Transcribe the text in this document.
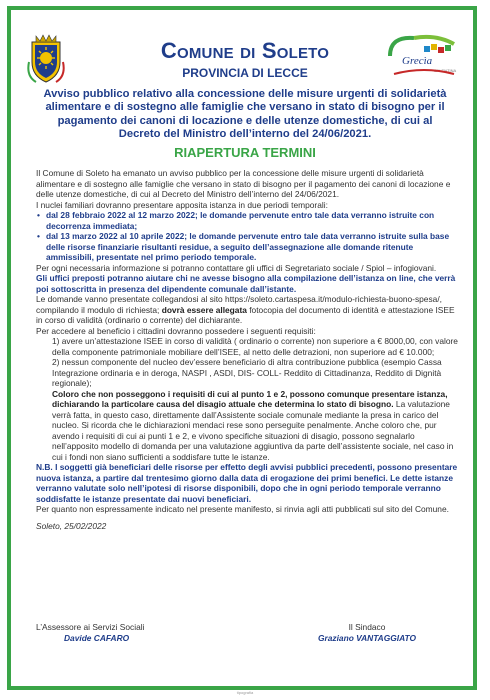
Comune di Soleto
PROVINCIA DI LECCE
Grecìa
SALENTINA
Avviso pubblico relativo alla concessione delle misure urgenti di solidarietà alimentare e di sostegno alle famiglie che versano in stato di bisogno per il pagamento dei canoni di locazione e delle utenze domestiche, di cui al Decreto del Ministro dell’interno del 24/06/2021.
RIAPERTURA TERMINI

Il Comune di Soleto ha emanato un avviso pubblico per la concessione delle misure urgenti di solidarietà alimentare e di sostegno alle famiglie che versano in stato di bisogno per il pagamento dei canoni di locazione e delle utenze domestiche, di cui al Decreto del Ministro dell’interno del 24/06/2021.

I nuclei familiari dovranno presentare apposita istanza in due periodi temporali:

• dal 28 febbraio 2022 al 12 marzo 2022; le domande pervenute entro tale data verranno istruite con decorrenza immediata;
• dal 13 marzo 2022 al 10 aprile 2022; le domande pervenute entro tale data verranno istruite sulla base delle risorse finanziarie risultanti residue, a seguito dell’assegnazione alle domande ritenute ammissibili, presentate nel primo periodo temporale.

Per ogni necessaria informazione si potranno contattare gli uffici di Segretariato sociale / Spiol – infogiovani.

Gli uffici preposti potranno aiutare chi ne avesse bisogno alla compilazione dell’istanza on line, che verrà poi sottoscritta in presenza del dipendente comunale dall’istante.

Le domande vanno presentate collegandosi al sito https://soleto.cartaspesa.it/modulo-richiesta-buono-spesa/, compilando il modulo di richiesta; dovrà essere allegata fotocopia del documento di identità e attestazione ISEE in corso di validità (ordinario o corrente) del dichiarante.

Per accedere al beneficio i cittadini dovranno possedere i seguenti requisiti:

1) avere un’attestazione ISEE in corso di validità ( ordinario o corrente) non superiore a € 8000,00, con valore della componente patrimoniale mobiliare dell’ISEE, al netto delle detrazioni, non superiore ad € 10.000;

2) nessun componente del nucleo dev’essere beneficiario di altra contribuzione pubblica (esempio Cassa Integrazione ordinaria e in deroga, NASPI , ASDI, DIS- COLL- Reddito di Cittadinanza, Reddito di Dignità regionale);

Coloro che non posseggono i requisiti di cui al punto 1 e 2, possono comunque presentare istanza, dichiarando la particolare causa del disagio attuale che determina lo stato di bisogno. La valutazione verrà fatta, in questo caso, direttamente dall’Assistente sociale comunale mediante la presa in carico del nucleo. Si ricorda che le dichiarazioni mendaci rese sono perseguite penalmente. Anche coloro che, pur avendo i requisiti di cui ai punti 1 e 2, e vivono specifiche situazioni di disagio, possono segnalarlo nell’apposito modello di domanda per una valutazione aggiuntiva da parte dell’assistente sociale, nel caso in cui i fondi non siano sufficienti a soddisfare tutte le istanze.

N.B. I soggetti già beneficiari delle risorse per effetto degli avvisi pubblici precedenti, possono presentare nuova istanza, a partire dal trentesimo giorno dalla data di erogazione dei primi benefici. Le dette istanze verranno valutate solo nell’ipotesi di risorse disponibili, dopo che in ogni periodo temporale verranno soddisfatte le istanze presentate dai nuovi beneficiari.

Per quanto non espressamente indicato nel presente manifesto, si rinvia agli atti pubblicati sul sito del Comune.

Soleto, 25/02/2022

L’Assessore ai Servizi Sociali
Davide CAFARO
Il Sindaco
Graziano VANTAGGIATO
tipografia
